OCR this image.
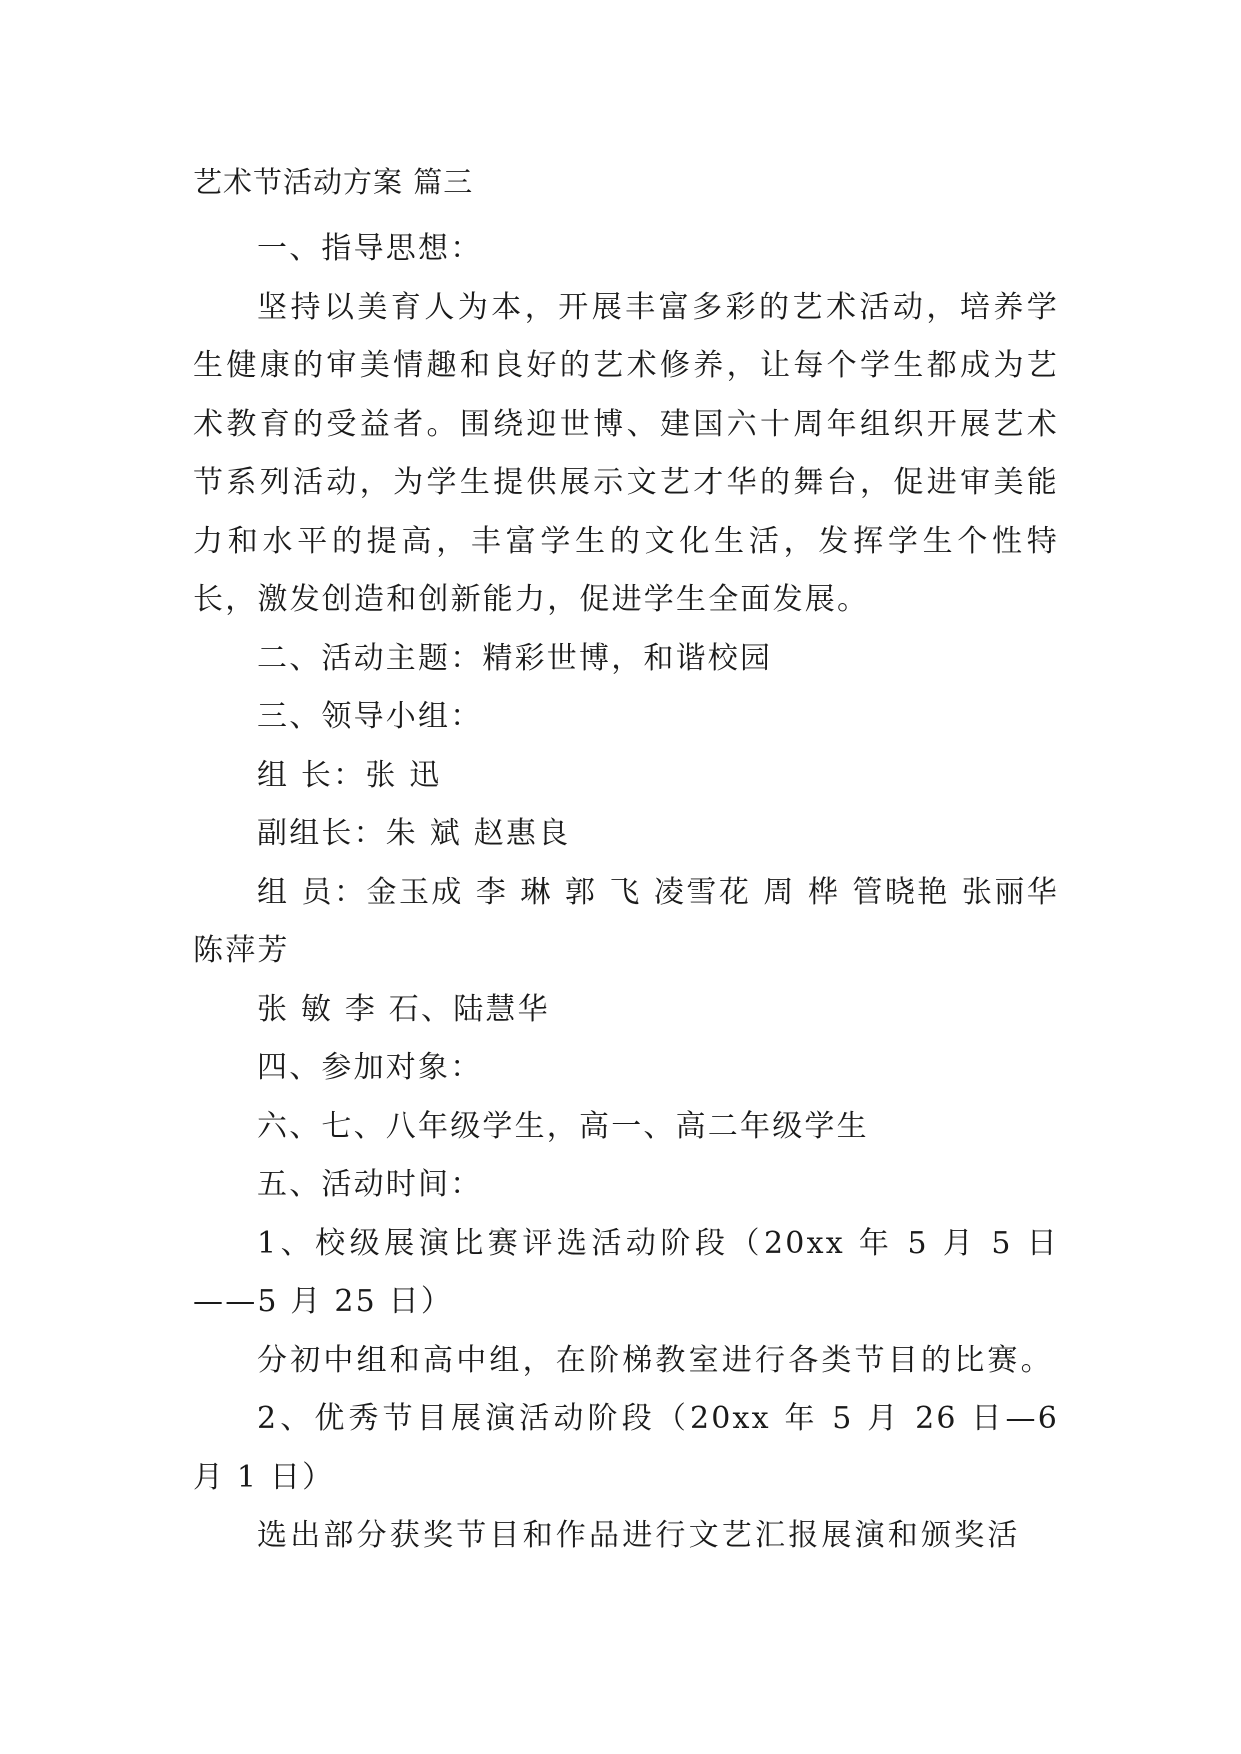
艺术节活动方案 篇三

一、指导思想：

坚持以美育人为本，开展丰富多彩的艺术活动，培养学生健康的审美情趣和良好的艺术修养，让每个学生都成为艺术教育的受益者。围绕迎世博、建国六十周年组织开展艺术节系列活动，为学生提供展示文艺才华的舞台，促进审美能力和水平的提高，丰富学生的文化生活，发挥学生个性特长，激发创造和创新能力，促进学生全面发展。

二、活动主题：精彩世博，和谐校园

三、领导小组：

组 长：张 迅

副组长：朱 斌 赵惠良

组 员：金玉成 李 琳 郭 飞 凌雪花 周 桦 管晓艳 张丽华 陈萍芳

张 敏 李 石、陆慧华

四、参加对象：

六、七、八年级学生，高一、高二年级学生

五、活动时间：

1、校级展演比赛评选活动阶段（20xx 年 5 月 5 日——5 月 25 日）

分初中组和高中组，在阶梯教室进行各类节目的比赛。

2、优秀节目展演活动阶段（20xx 年 5 月 26 日—6 月 1 日）

选出部分获奖节目和作品进行文艺汇报展演和颁奖活
